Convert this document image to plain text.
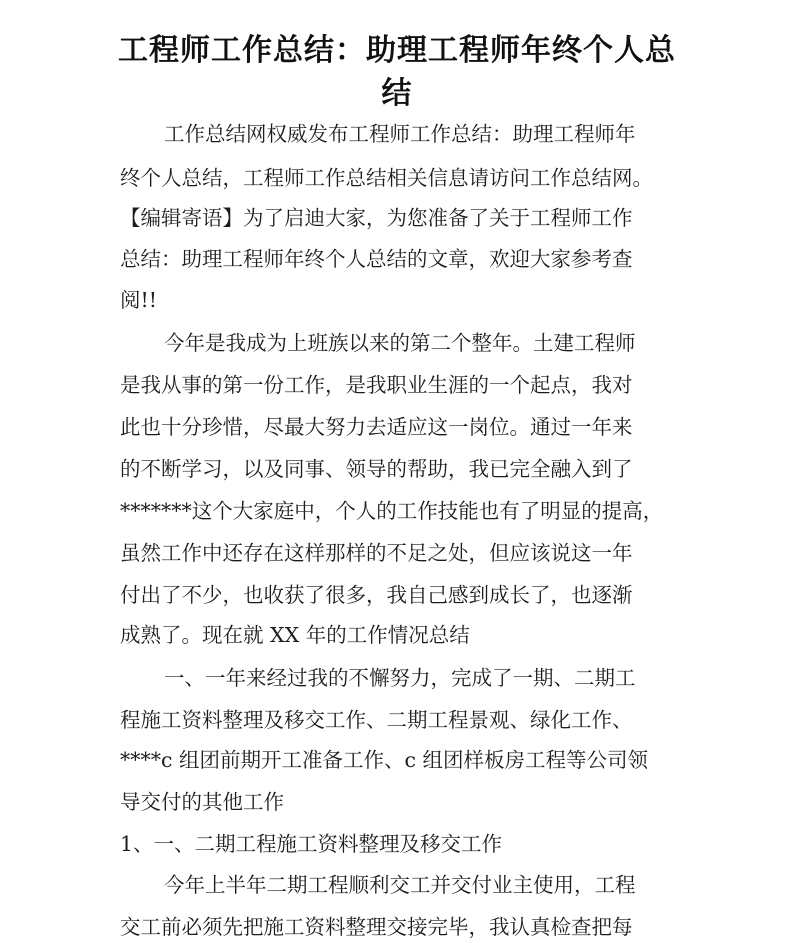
工程师工作总结：助理工程师年终个人总
结
工作总结网权威发布工程师工作总结：助理工程师年
终个人总结，工程师工作总结相关信息请访问工作总结网。
【编辑寄语】为了启迪大家，为您准备了关于工程师工作
总结：助理工程师年终个人总结的文章，欢迎大家参考查
阅!!
今年是我成为上班族以来的第二个整年。土建工程师
是我从事的第一份工作，是我职业生涯的一个起点，我对
此也十分珍惜，尽最大努力去适应这一岗位。通过一年来
的不断学习，以及同事、领导的帮助，我已完全融入到了
*******这个大家庭中，个人的工作技能也有了明显的提高，
虽然工作中还存在这样那样的不足之处，但应该说这一年
付出了不少，也收获了很多，我自己感到成长了，也逐渐
成熟了。现在就 XX 年的工作情况总结
一、一年来经过我的不懈努力，完成了一期、二期工
程施工资料整理及移交工作、二期工程景观、绿化工作、
****c 组团前期开工准备工作、c 组团样板房工程等公司领
导交付的其他工作
1、一、二期工程施工资料整理及移交工作
今年上半年二期工程顺利交工并交付业主使用，工程
交工前必须先把施工资料整理交接完毕，我认真检查把每
